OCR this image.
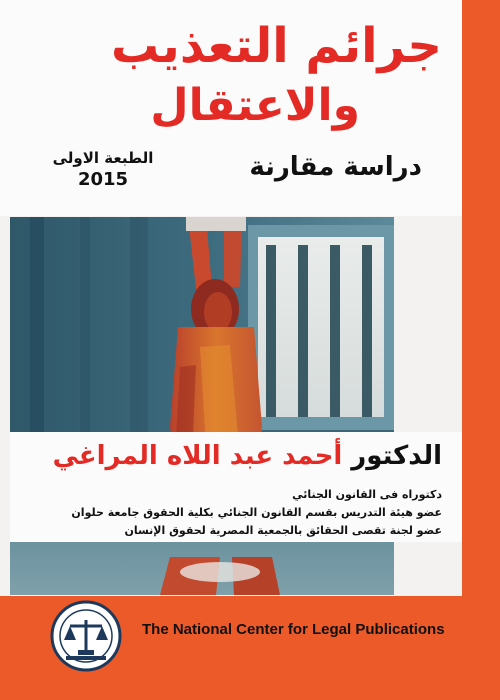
جرائم التعذيب
والاعتقال
دراسة مقارنة
الطبعة الاولى
2015
الدكتور أحمد عبد اللاه المراغي
دكتوراه فى القانون الجنائي
عضو هيئة التدريس بقسم القانون الجنائي بكلية الحقوق جامعة حلوان
عضو لجنة تقصى الحقائق بالجمعية المصرية لحقوق الإنسان
The National Center for Legal Publications
